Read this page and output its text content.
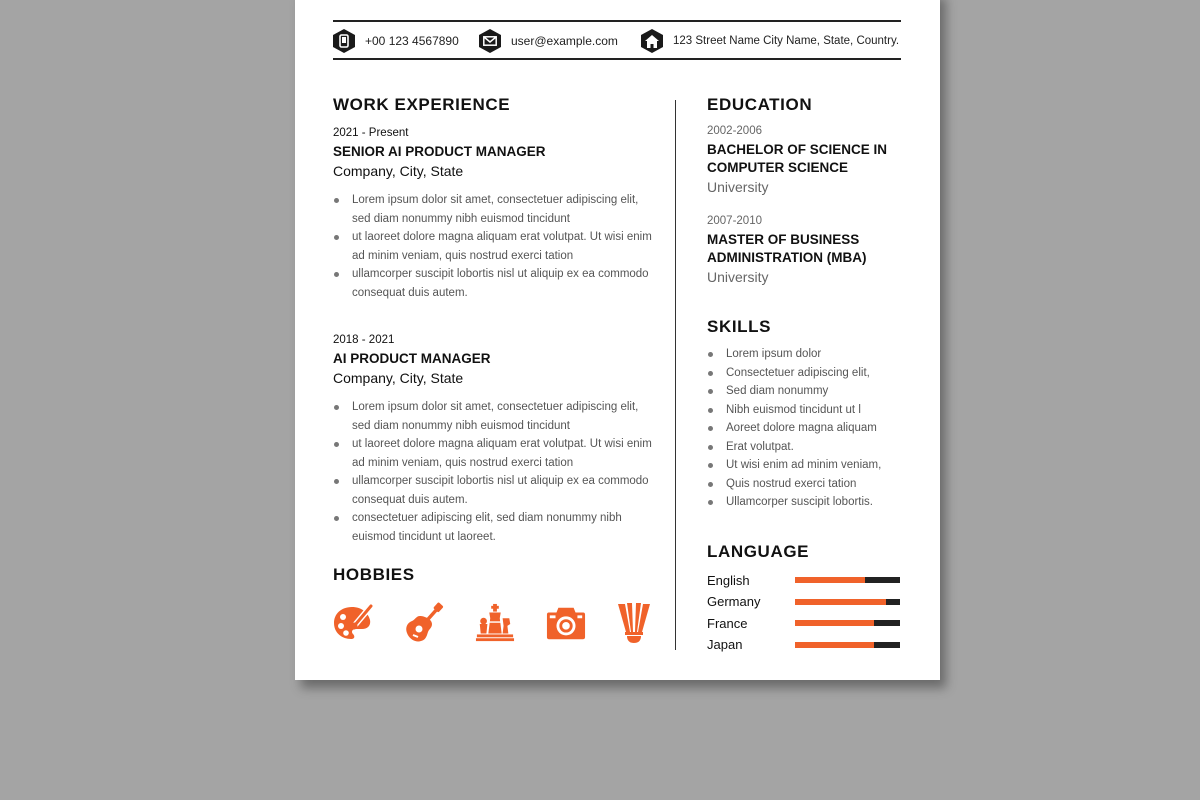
+00 123 4567890	user@example.com	123 Street Name City Name, State, Country.
WORK EXPERIENCE
2021 - Present
SENIOR AI PRODUCT MANAGER
Company, City, State
Lorem ipsum dolor sit amet, consectetuer adipiscing elit, sed diam nonummy nibh euismod tincidunt
ut laoreet dolore magna aliquam erat volutpat. Ut wisi enim ad minim veniam, quis nostrud exerci tation
ullamcorper suscipit lobortis nisl ut aliquip ex ea commodo consequat duis autem.
2018 - 2021
AI PRODUCT MANAGER
Company, City, State
Lorem ipsum dolor sit amet, consectetuer adipiscing elit, sed diam nonummy nibh euismod tincidunt
ut laoreet dolore magna aliquam erat volutpat. Ut wisi enim ad minim veniam, quis nostrud exerci tation
ullamcorper suscipit lobortis nisl ut aliquip ex ea commodo consequat duis autem.
consectetuer adipiscing elit, sed diam nonummy nibh euismod tincidunt ut laoreet.
HOBBIES
EDUCATION
2002-2006
BACHELOR OF SCIENCE IN COMPUTER SCIENCE
University
2007-2010
MASTER OF BUSINESS ADMINISTRATION (MBA)
University
SKILLS
Lorem ipsum dolor
Consectetuer adipiscing elit,
Sed diam nonummy
Nibh euismod tincidunt ut l
Aoreet dolore magna aliquam
Erat volutpat.
Ut wisi enim ad minim veniam,
Quis nostrud exerci tation
Ullamcorper suscipit lobortis.
LANGUAGE
English
Germany
France
Japan
